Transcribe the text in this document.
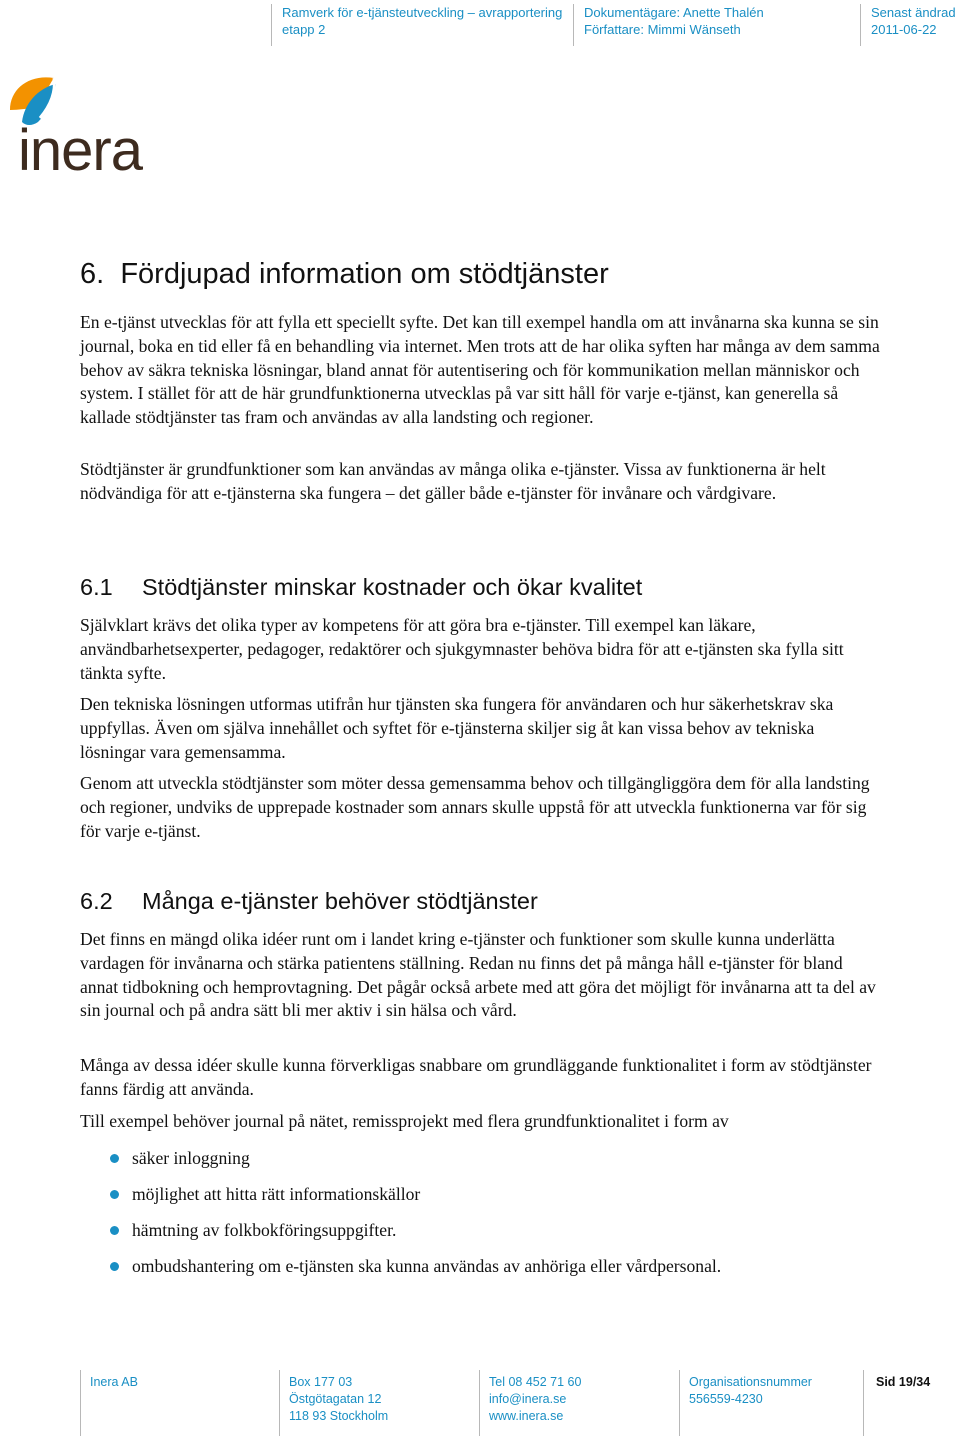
Ramverk för e-tjänsteutveckling – avrapportering
etapp 2
Dokumentägare: Anette Thalén
Författare: Mimmi Wänseth
Senast ändrad
2011-06-22
inera
6. Fördjupad information om stödtjänster

En e-tjänst utvecklas för att fylla ett speciellt syfte. Det kan till exempel handla om att invånarna ska kunna se sin journal, boka en tid eller få en behandling via internet. Men trots att de har olika syften har många av dem samma behov av säkra tekniska lösningar, bland annat för autentisering och för kommunikation mellan människor och system. I stället för att de här grundfunktionerna utvecklas på var sitt håll för varje e-tjänst, kan generella så kallade stödtjänster tas fram och användas av alla landsting och regioner.

Stödtjänster är grundfunktioner som kan användas av många olika e-tjänster. Vissa av funktionerna är helt nödvändiga för att e-tjänsterna ska fungera – det gäller både e-tjänster för invånare och vårdgivare.

6.1 Stödtjänster minskar kostnader och ökar kvalitet

Självklart krävs det olika typer av kompetens för att göra bra e-tjänster. Till exempel kan läkare, användbarhetsexperter, pedagoger, redaktörer och sjukgymnaster behöva bidra för att e-tjänsten ska fylla sitt tänkta syfte.

Den tekniska lösningen utformas utifrån hur tjänsten ska fungera för användaren och hur säkerhetskrav ska uppfyllas. Även om själva innehållet och syftet för e-tjänsterna skiljer sig åt kan vissa behov av tekniska lösningar vara gemensamma.

Genom att utveckla stödtjänster som möter dessa gemensamma behov och tillgängliggöra dem för alla landsting och regioner, undviks de upprepade kostnader som annars skulle uppstå för att utveckla funktionerna var för sig för varje e-tjänst.

6.2 Många e-tjänster behöver stödtjänster

Det finns en mängd olika idéer runt om i landet kring e-tjänster och funktioner som skulle kunna underlätta vardagen för invånarna och stärka patientens ställning. Redan nu finns det på många håll e-tjänster för bland annat tidbokning och hemprovtagning. Det pågår också arbete med att göra det möjligt för invånarna att ta del av sin journal och på andra sätt bli mer aktiv i sin hälsa och vård.

Många av dessa idéer skulle kunna förverkligas snabbare om grundläggande funktionalitet i form av stödtjänster fanns färdig att använda.

Till exempel behöver journal på nätet, remissprojekt med flera grundfunktionalitet i form av

säker inloggning
möjlighet att hitta rätt informationskällor
hämtning av folkbokföringsuppgifter.
ombudshantering om e-tjänsten ska kunna användas av anhöriga eller vårdpersonal.
Inera AB	Box 177 03
Östgötagatan 12
118 93 Stockholm
Tel 08 452 71 60
info@inera.se
www.inera.se
Organisationsnummer
556559-4230
Sid 19/34
